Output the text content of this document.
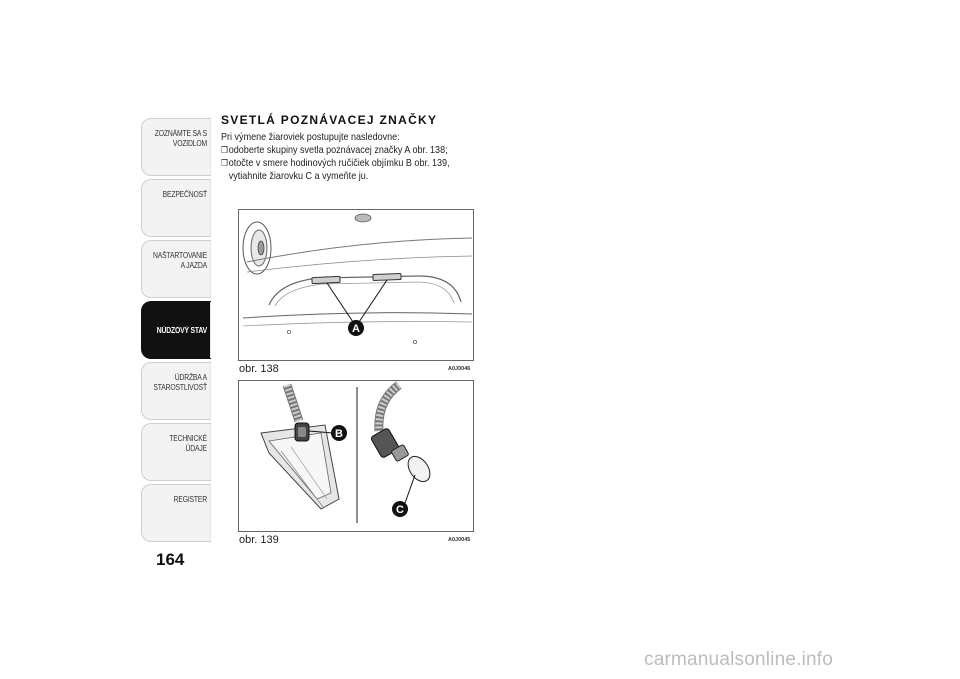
ZOZNÁMTE SA S VOZIDLOM
BEZPEČNOSŤ
NAŠTARTOVANIE A JAZDA
NÚDZOVÝ STAV
ÚDRŽBA A STAROSTLIVOSŤ
TECHNICKÉ ÚDAJE
REGISTER
164
SVETLÁ POZNÁVACEJ ZNAČKY

Pri výmene žiaroviek postupujte nasledovne:

❒ odoberte skupiny svetla poznávacej značky A obr. 138;
❒ otočte v smere hodinových ručičiek objímku B obr. 139, vytiahnite žiarovku C a vymeňte ju.
A
obr. 138	A0J0046
B
C
obr. 139	A0J0045
carmanualsonline.info
